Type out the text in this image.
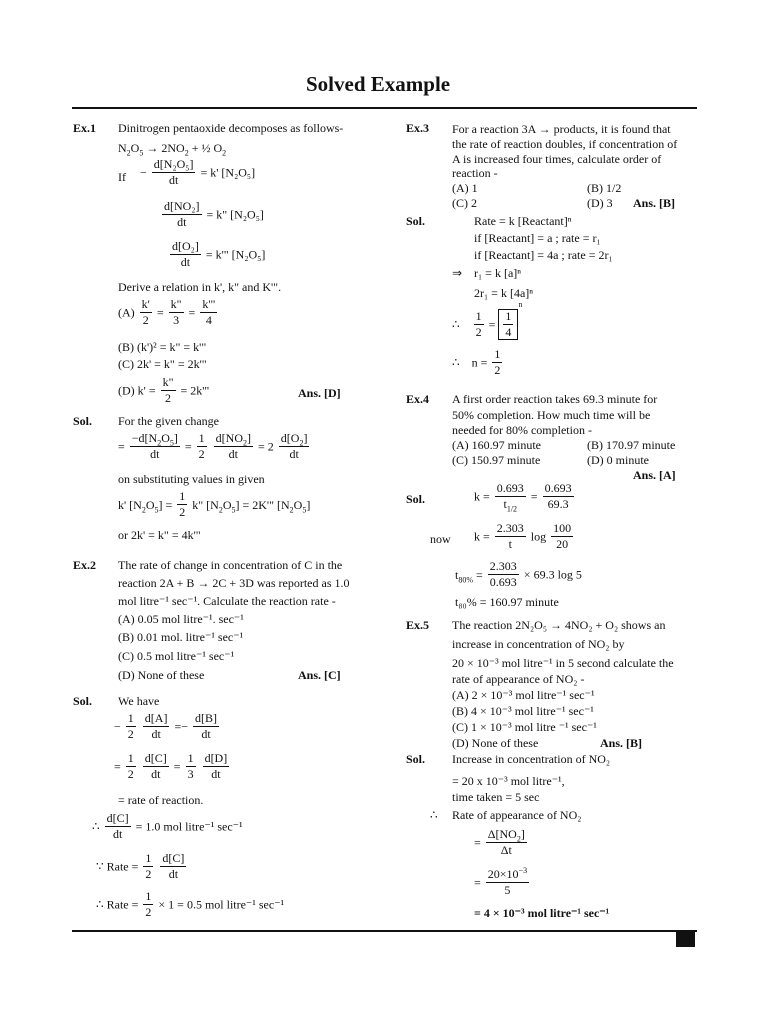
Solved Example
Ex.1 Dinitrogen pentaoxide decomposes as follows-
$N_2O_5 \to 2NO_2$ + ½ $O_2$
$If - \frac{\text{d[N₂O₅]}}{dt} = k'$ [N₂O₅]
$\frac{\text{d[NO₂]}}{dt} = k$" [N₂O₅]
$\frac{\text{d[O₂]}}{dt} = k'$" [N₂O₅]
Derive a relation in k', k" and K'".
$(A) \frac{k'}{2} = \frac{k"}{3} = \frac{k'"}{4}$
(B) (k')² = k" = k'"
(C) 2k' = k" = 2k'"
(D) $k' = \frac{k"}{2} = 2k'$"	Ans. [D]
Sol. For the given change
= $\frac{-d[N_2O_5]}{dt} = \frac{1}{2}$
$\frac{d[NO_2]}{dt} = 2 \frac{d[O_2]}{dt}$
on substituting values in given
k' $[N_2O_5] = \frac{1}{2} k$" $[N_2O_5] = 2K'$" $[N_2O_5]$
or 2k' = k" = 4k'"
Ex.2 The rate of change in concentration of C in the
reaction 2A + B → 2C + 3D was reported as 1.0
mol litre⁻¹ sec⁻¹. Calculate the reaction rate -
(A) 0.05 mol litre⁻¹. sec⁻¹
(B) 0.01 mol. litre⁻¹ sec⁻¹
(C) 0.5 mol litre⁻¹ sec⁻¹
(D) None of these	Ans. [C]
Sol. We have
− $\frac{1}{2}$
$\frac{d[A]}{dt} =- \frac{d[B]}{dt}$
= $\frac{1}{2}$
$\frac{d[C]}{dt} = \frac{1}{3}$
$\frac{d[D]}{dt}$
= rate of reaction.
∴ $\frac{d[C]}{dt} = 1.0$ mol litre⁻¹ sec⁻¹
∵ Rate = $\frac{1}{2}$
$\frac{d[C]}{dt}$
∴ Rate = $\frac{1}{2} \times 1 = 0.5$ mol litre⁻¹ sec⁻¹
Ex.3 For a reaction 3A → products, it is found that
the rate of reaction doubles, if concentration of
A is increased four times, calculate order of
reaction -
(A) 1	(B) 1/2
(C) 2	(D) 3 Ans. [B]
Sol.	Rate = k [Reactant]ⁿ
if [Reactant] = a ; rate = r₁
if [Reactant] = 4a ; rate = 2r₁
⇒ r₁ = k [a]ⁿ
2r₁ = k [4a]ⁿ
∴ $\frac{1}{2} = \frac{1}{4}$
$^n$
∴    $n = \frac{1}{2}$
Ex.4 A first order reaction takes 69.3 minute for
50% completion. How much time will be
needed for 80% completion -
(A) 160.97 minute	(B) 170.97 minute
(C) 150.97 minute	(D) 0 minute
Ans. [A]
Sol.	$k = \frac{0.693}{t_{1/2}} = \frac{0.693}{69.3}$
now $k = \frac{2.303}{t}$ $\log \frac{100}{20}$
$t_{80\%} = \frac{2.303}{0.693} \times 69.3$ log 5
t₈₀% = 160.97 minute
Ex.5 The reaction 2N₂O₅ → 4NO₂ + O₂ shows an
increase in concentration of NO₂ by
20 × 10⁻³ mol litre⁻¹ in 5 second calculate the
rate of appearance of NO₂ -
(A) 2 × 10⁻³ mol litre⁻¹ sec⁻¹
(B) 4 × 10⁻³ mol litre⁻¹ sec⁻¹
(C) 1 × 10⁻³ mol litre ⁻¹ sec⁻¹
(D) None of these	Ans. [B]
Sol. Increase in concentration of NO₂
= 20 x 10⁻³ mol litre⁻¹,
time taken = 5 sec
∴ Rate of appearance of NO₂
= $\frac{\Delta[NO_2]}{\Delta t}$
= $\frac{20\times 10^{-3}}{5}$
= 4 × 10⁻³ mol litre⁻¹ sec⁻¹
